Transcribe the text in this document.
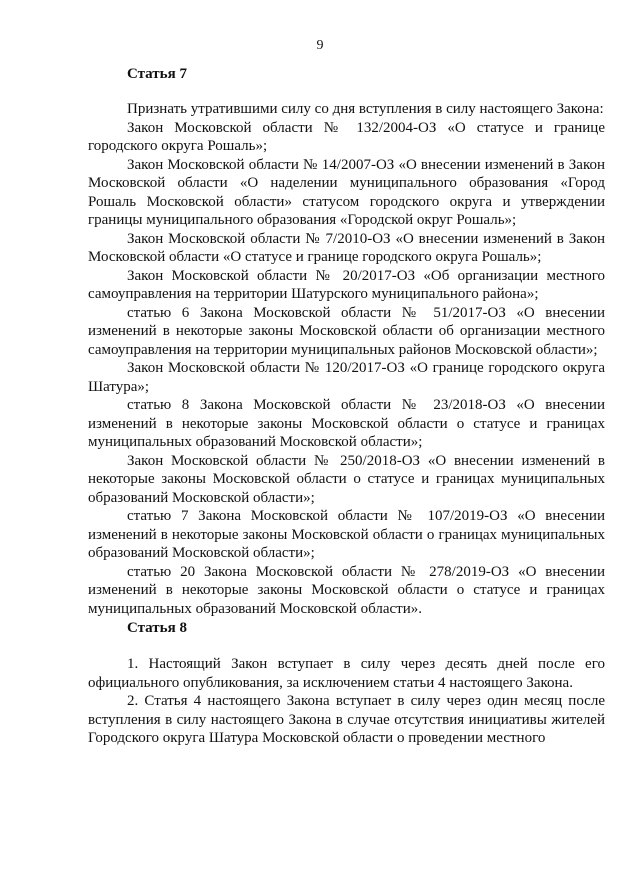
9
Статья 7

Признать утратившими силу со дня вступления в силу настоящего Закона:

Закон Московской области № 132/2004-ОЗ «О статусе и границе городского округа Рошаль»;

Закон Московской области № 14/2007-ОЗ «О внесении изменений в Закон Московской области «О наделении муниципального образования «Город Рошаль Московской области» статусом городского округа и утверждении границы муниципального образования «Городской округ Рошаль»;

Закон Московской области № 7/2010-ОЗ «О внесении изменений в Закон Московской области «О статусе и границе городского округа Рошаль»;

Закон Московской области № 20/2017-ОЗ «Об организации местного самоуправления на территории Шатурского муниципального района»;

статью 6 Закона Московской области № 51/2017-ОЗ «О внесении изменений в некоторые законы Московской области об организации местного самоуправления на территории муниципальных районов Московской области»;

Закон Московской области № 120/2017-ОЗ «О границе городского округа Шатура»;

статью 8 Закона Московской области № 23/2018-ОЗ «О внесении изменений в некоторые законы Московской области о статусе и границах муниципальных образований Московской области»;

Закон Московской области № 250/2018-ОЗ «О внесении изменений в некоторые законы Московской области о статусе и границах муниципальных образований Московской области»;

статью 7 Закона Московской области № 107/2019-ОЗ «О внесении изменений в некоторые законы Московской области о границах муниципальных образований Московской области»;

статью 20 Закона Московской области № 278/2019-ОЗ «О внесении изменений в некоторые законы Московской области о статусе и границах муниципальных образований Московской области».

Статья 8

1. Настоящий Закон вступает в силу через десять дней после его официального опубликования, за исключением статьи 4 настоящего Закона.

2. Статья 4 настоящего Закона вступает в силу через один месяц после вступления в силу настоящего Закона в случае отсутствия инициативы жителей Городского округа Шатура Московской области о проведении местного
